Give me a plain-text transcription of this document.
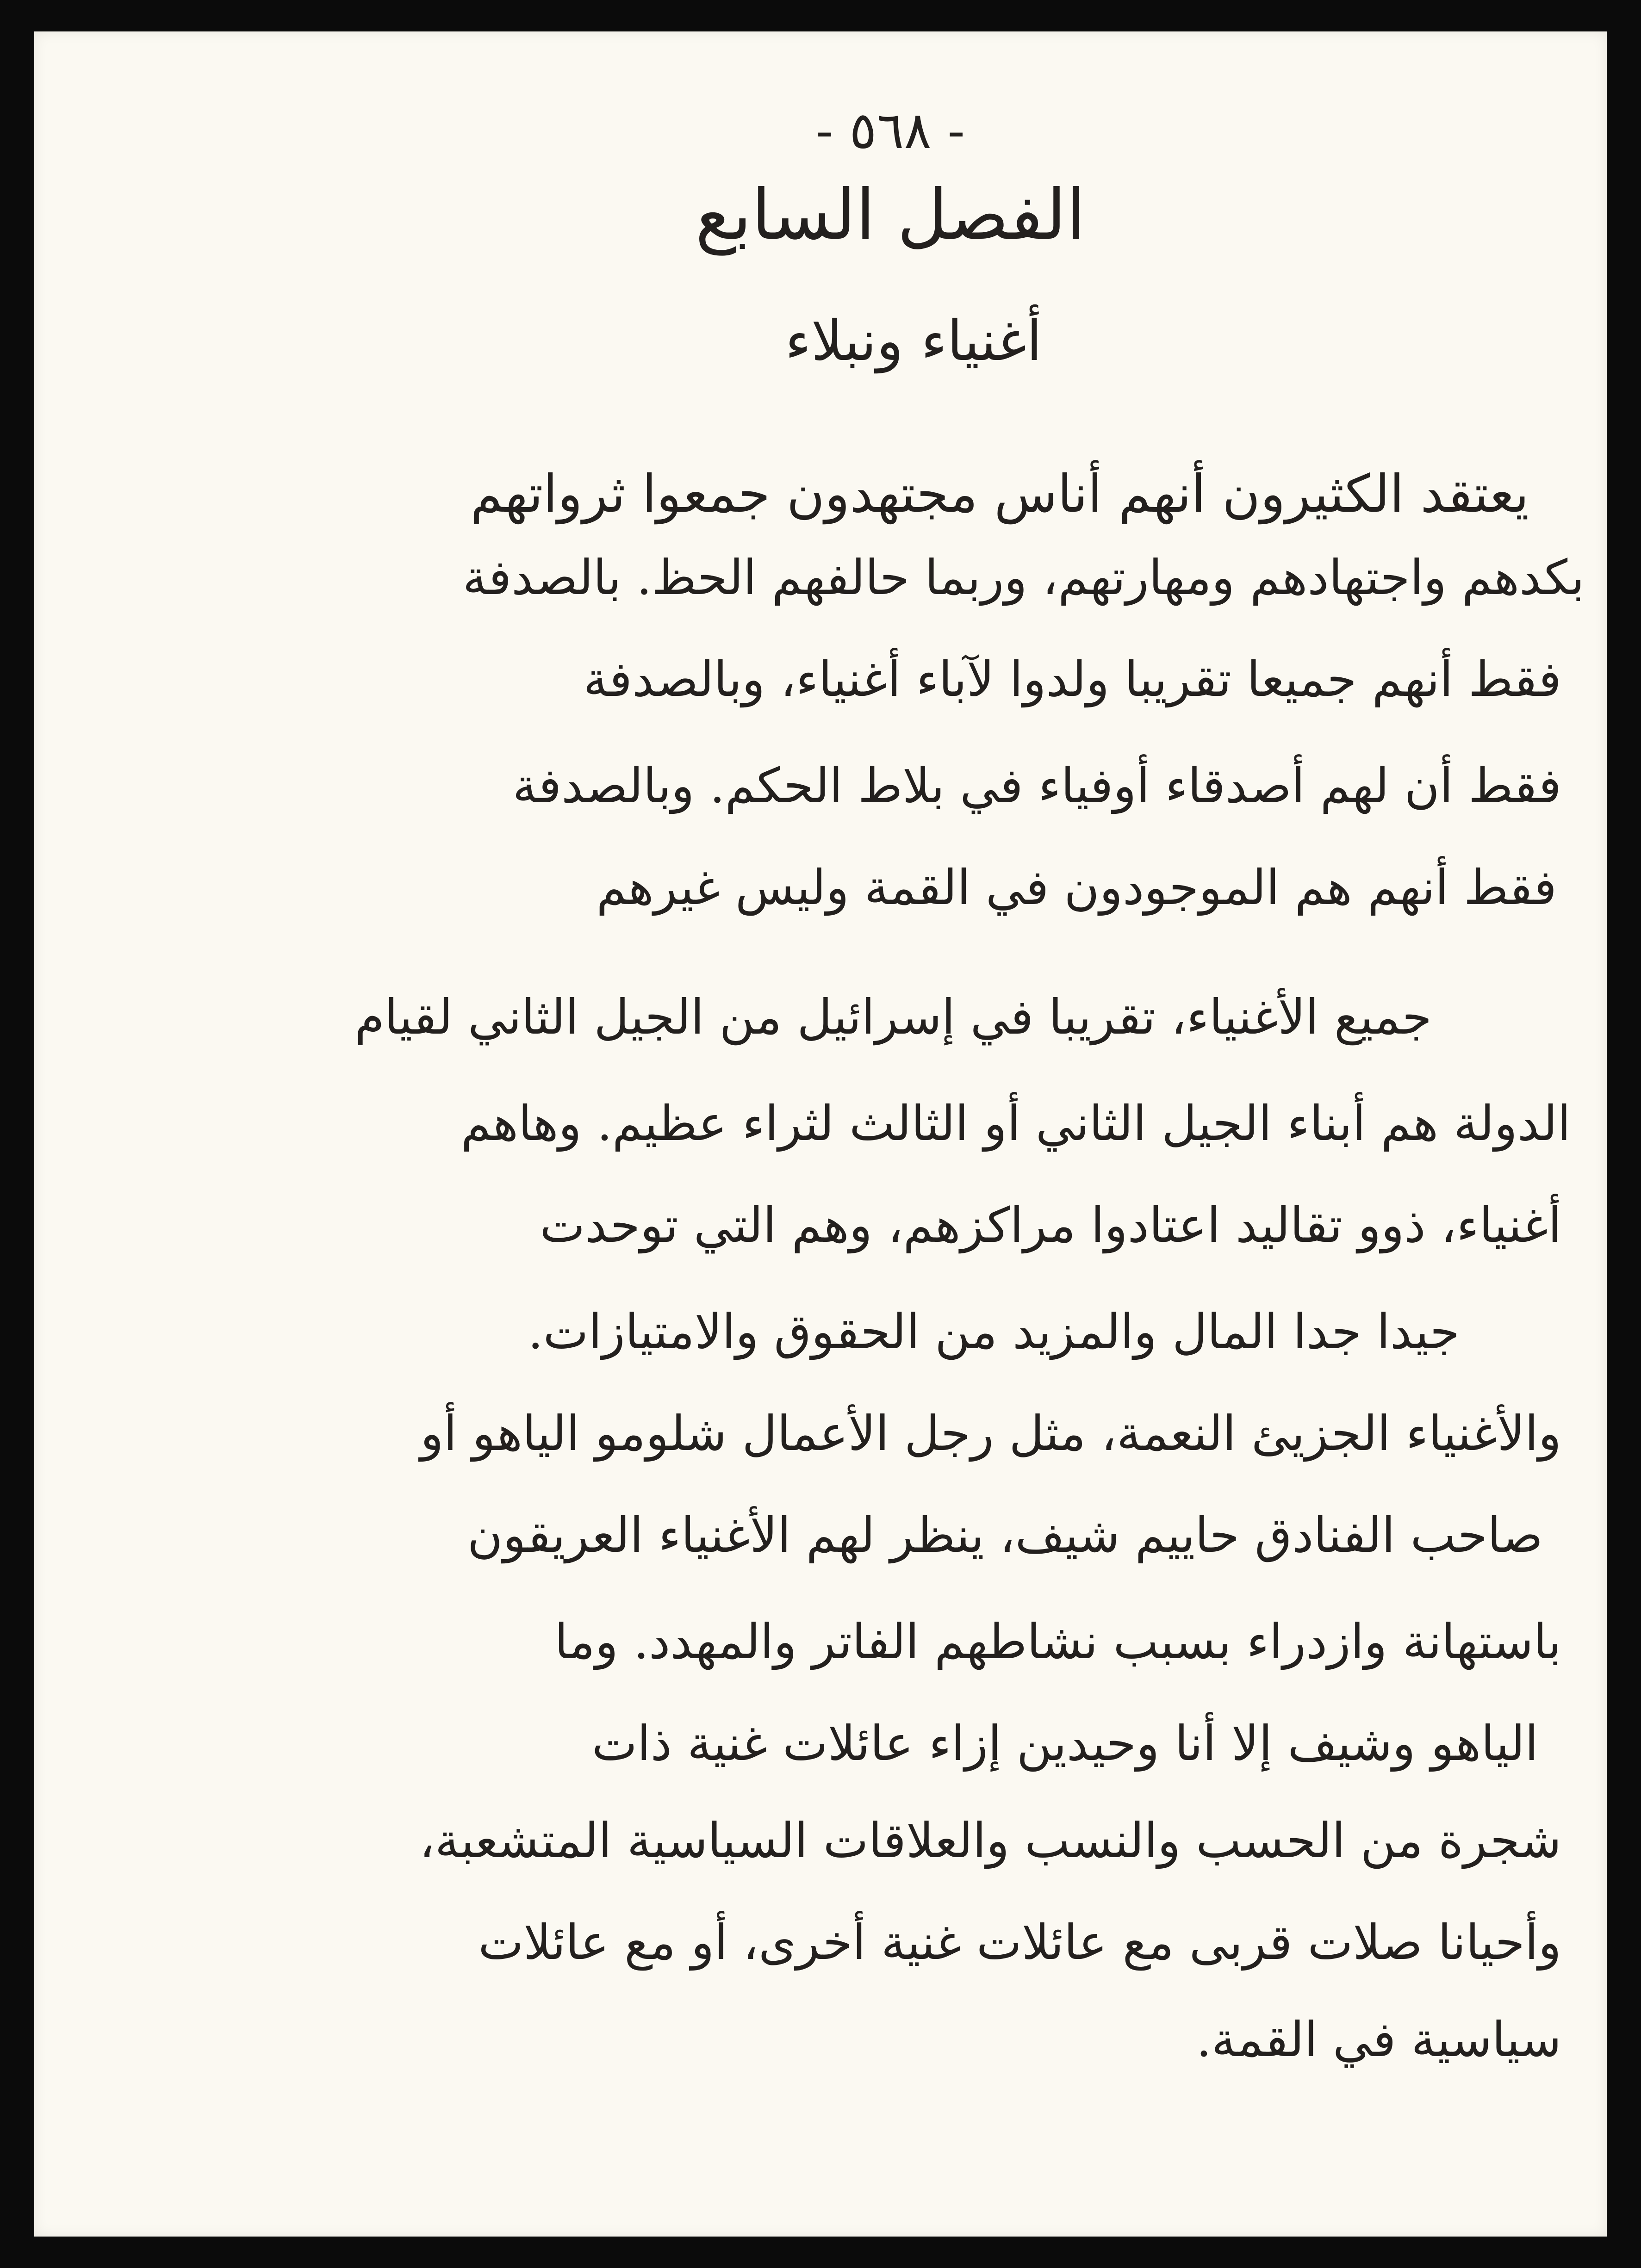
- ٥٦٨ -
الفصل السابع
أغنياء ونبلاء
يعتقد الكثيرون أنهم أناس مجتهدون جمعوا ثرواتهم
بكدهم واجتهادهم ومهارتهم، وربما حالفهم الحظ. بالصدفة
فقط أنهم جميعا تقريبا ولدوا لآباء أغنياء، وبالصدفة
فقط أن لهم أصدقاء أوفياء في بلاط الحكم. وبالصدفة
فقط أنهم هم الموجودون في القمة وليس غيرهم
جميع الأغنياء، تقريبا في إسرائيل من الجيل الثاني لقيام
الدولة هم أبناء الجيل الثاني أو الثالث لثراء عظيم. وهاهم
أغنياء، ذوو تقاليد اعتادوا مراكزهم، وهم التي توحدت
جيدا جدا المال والمزيد من الحقوق والامتيازات.
والأغنياء الجزيئ النعمة، مثل رجل الأعمال شلومو الياهو أو
صاحب الفنادق حاييم شيف، ينظر لهم الأغنياء العريقون
باستهانة وازدراء بسبب نشاطهم الفاتر والمهدد. وما
الياهو وشيف إلا أنا وحيدين إزاء عائلات غنية ذات
شجرة من الحسب والنسب والعلاقات السياسية المتشعبة،
وأحيانا صلات قربى مع عائلات غنية أخرى، أو مع عائلات
سياسية في القمة.
